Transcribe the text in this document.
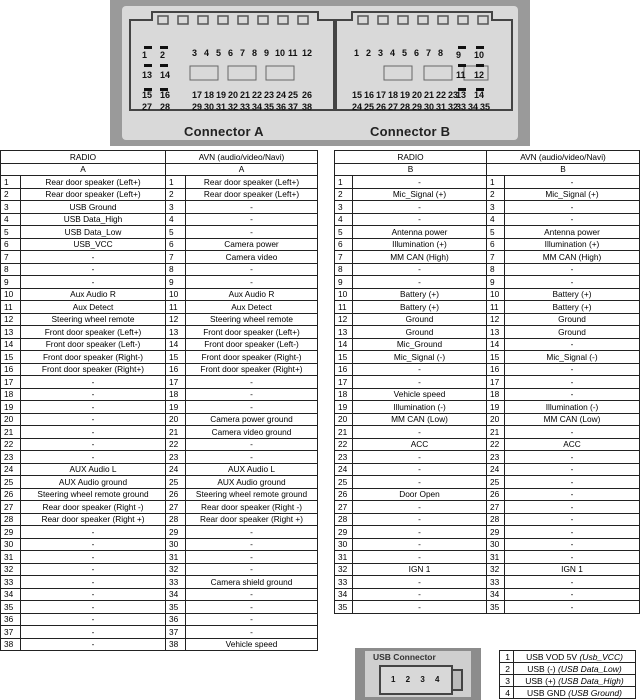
1 2	3 4 5 6 7 8 9 10 11 12
13 14
15 16 17 18 19 20 21 22 23 24 25 26
27 28 29 30 31 32 33 34 35 36 37 38
1 2 3 4 5 6 7 8 9 10
11 12
13 14
15 16 17 18 19 20 21 22 23
24 25 26 27 28 29 30 31 32
33 34 35
Connector A	Connector B
RADIO		AVN (audio/video/Navi)	
A		A	
1	Rear door speaker (Left+)	1	Rear door speaker (Left+)
2	Rear door speaker (Left+)	2	Rear door speaker (Left+)
3	USB Ground	3	-
4	USB Data_High	4	-
5	USB Data_Low	5	-
6	USB_VCC	6	Camera power
7	-	7	Camera video
8	-	8	-
9	-	9	-
10	Aux Audio R	10	Aux Audio R
11	Aux Detect	11	Aux Detect
12	Steering wheel remote	12	Steering wheel remote
13	Front door speaker (Left+)	13	Front door speaker (Left+)
14	Front door speaker (Left-)	14	Front door speaker (Left-)
15	Front door speaker (Right-)	15	Front door speaker (Right-)
16	Front door speaker (Right+)	16	Front door speaker (Right+)
17	-	17	-
18	-	18	-
19	-	19	-
20	-	20	Camera power ground
21	-	21	Camera video ground
22	-	22	-
23	-	23	-
24	AUX Audio L	24	AUX Audio L
25	AUX Audio ground	25	AUX Audio ground
26	Steering wheel remote ground	26	Steering wheel remote ground
27	Rear door speaker (Right -)	27	Rear door speaker (Right -)
28	Rear door speaker (Right +)	28	Rear door speaker (Right +)
29	-	29	-
30	-	30	-
31	-	31	-
32	-	32	-
33	-	33	Camera shield ground
34	-	34	-
35	-	35	-
36	-	36	-
37	-	37	-
38	-	38	Vehicle speed
RADIO		AVN (audio/video/Navi)	
B		B	
1	-	1	-
2	Mic_Signal (+)	2	Mic_Signal (+)
3	-	3	-
4	-	4	-
5	Antenna power	5	Antenna power
6	Illumination (+)	6	Illumination (+)
7	MM CAN (High)	7	MM CAN (High)
8	-	8	-
9	-	9	-
10	Battery (+)	10	Battery (+)
11	Battery (+)	11	Battery (+)
12	Ground	12	Ground
13	Ground	13	Ground
14	Mic_Ground	14	-
15	Mic_Signal (-)	15	Mic_Signal (-)
16	-	16	-
17	-	17	-
18	Vehicle speed	18	-
19	Illumination (-)	19	Illumination (-)
20	MM CAN (Low)	20	MM CAN (Low)
21	-	21	-
22	ACC	22	ACC
23	-	23	-
24	-	24	-
25	-	25	-
26	Door Open	26	-
27	-	27	-
28	-	28	-
29	-	29	-
30	-	30	-
31	-	31	-
32	IGN 1	32	IGN 1
33	-	33	-
34	-	34	-
35	-	35	-
USB Connector
1 2 3 4
1	USB VOD 5V (Usb_VCC)
2	USB (-) (USB Data_Low)
3	USB (+) (USB Data_High)
4	USB GND (USB Ground)
